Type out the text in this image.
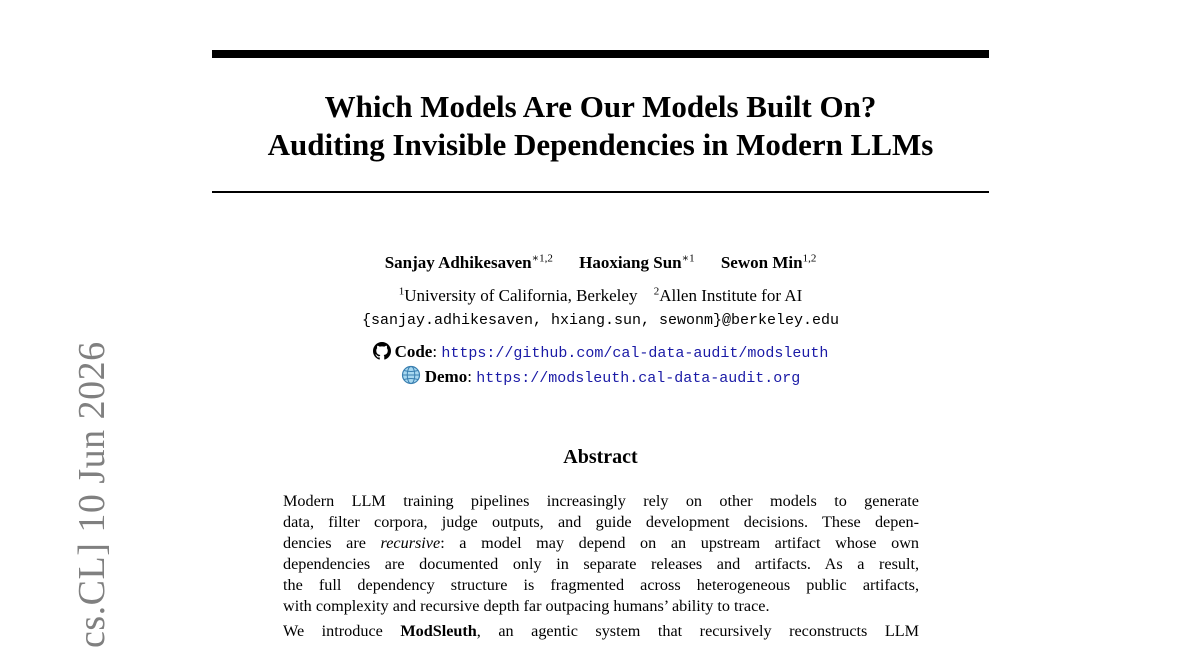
Which Models Are Our Models Built On?
Auditing Invisible Dependencies in Modern LLMs
Sanjay Adhikesaven$^{∗1,2}$ Haoxiang Sun$^{∗1}$ Sewon Min$^{1,2}$
$^1$University of California, Berkeley $^2$Allen Institute for AI
{sanjay.adhikesaven, hxiang.sun, sewonm}@berkeley.edu
Code: https://github.com/cal-data-audit/modsleuth
Demo: https://modsleuth.cal-data-audit.org
Abstract
Modern LLM training pipelines increasingly rely on other models to generate
data, filter corpora, judge outputs, and guide development decisions. These depen-
dencies are recursive: a model may depend on an upstream artifact whose own
dependencies are documented only in separate releases and artifacts. As a result,
the full dependency structure is fragmented across heterogeneous public artifacts,
with complexity and recursive depth far outpacing humans’ ability to trace.
We introduce ModSleuth, an agentic system that recursively reconstructs LLM
cs.CL] 10 Jun 2026
